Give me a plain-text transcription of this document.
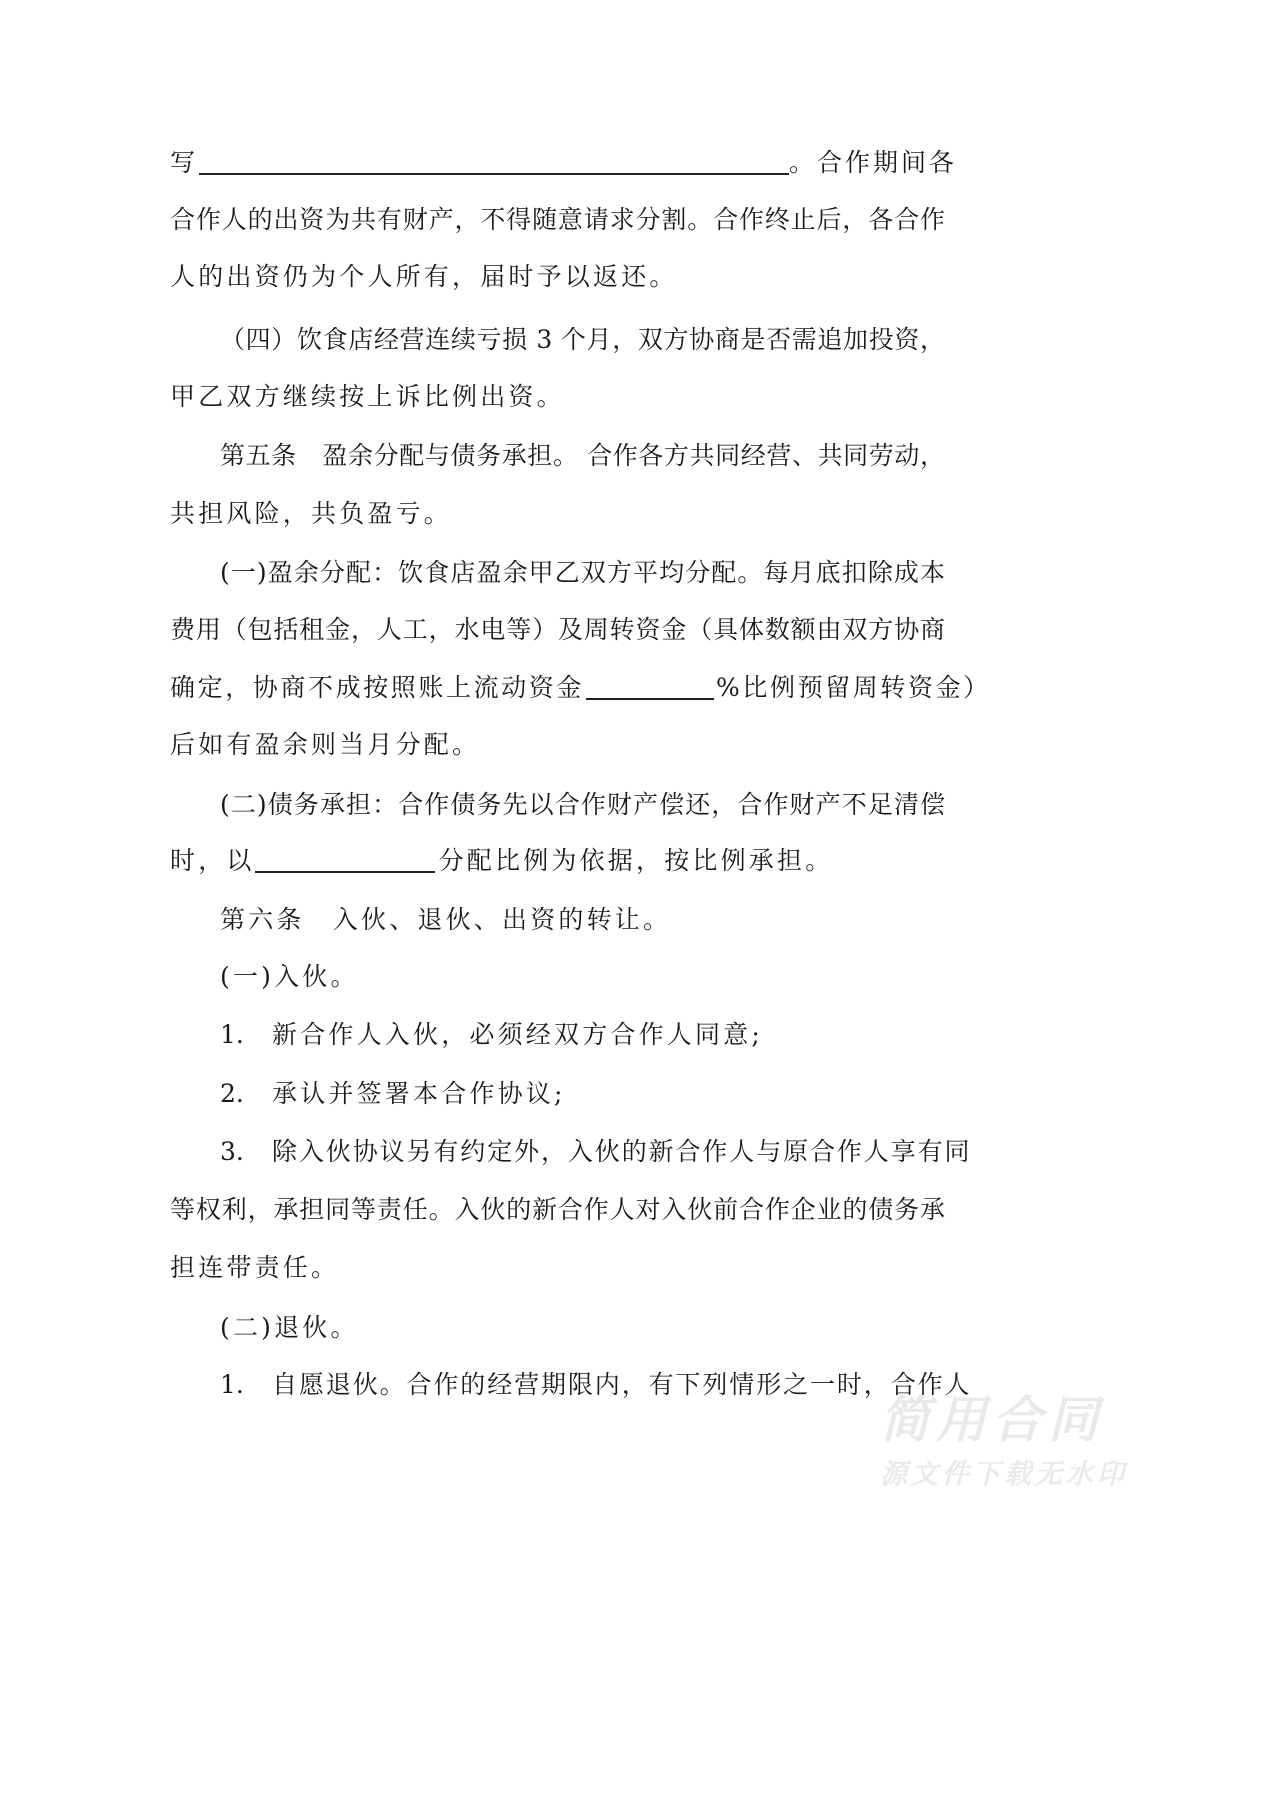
写	。合作期间各
合作人的出资为共有财产，不得随意请求分割。合作终止后，各合作
人的出资仍为个人所有，届时予以返还。
（四）饮食店经营连续亏损 3 个月，双方协商是否需追加投资，
甲乙双方继续按上诉比例出资。
第五条　盈余分配与债务承担。 合作各方共同经营、共同劳动，
共担风险，共负盈亏。
(一)盈余分配：饮食店盈余甲乙双方平均分配。每月底扣除成本
费用（包括租金，人工，水电等）及周转资金（具体数额由双方协商
确定，协商不成按照账上流动资金	%比例预留周转资金）
后如有盈余则当月分配。
(二)债务承担：合作债务先以合作财产偿还，合作财产不足清偿
时，以	分配比例为依据，按比例承担。
第六条　入伙、退伙、出资的转让。
(一)入伙。
1. 新合作人入伙，必须经双方合作人同意;
2. 承认并签署本合作协议;
3. 除入伙协议另有约定外，入伙的新合作人与原合作人享有同
等权利，承担同等责任。入伙的新合作人对入伙前合作企业的债务承
担连带责任。
(二)退伙。
1. 自愿退伙。合作的经营期限内，有下列情形之一时，合作人
简用合同
源文件下载无水印
